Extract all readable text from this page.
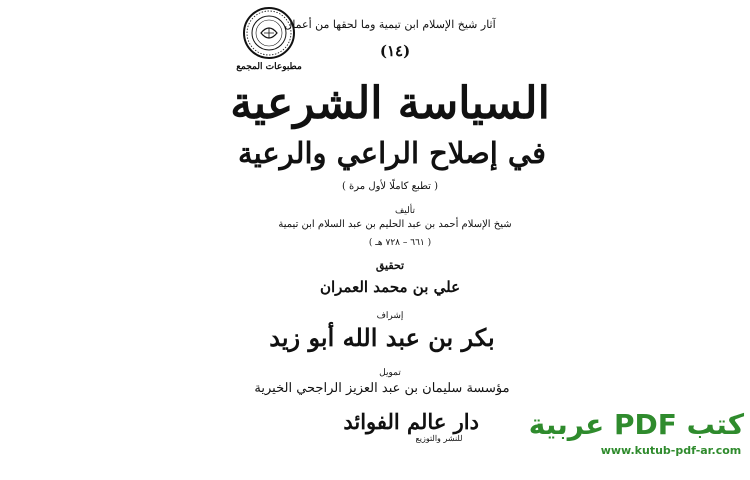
آثار شيخ الإسلام ابن تيمية وما لحقها من أعمال
(١٤)
السياسة الشرعية
في إصلاح الراعي والرعية
( تطبع كاملًا لأول مرة )
تأليف
شيخ الإسلام أحمد بن عبد الحليم بن عبد السلام ابن تيمية
( ٦٦١ – ٧٢٨ هـ )
تحقيق
علي بن محمد العمران
إشراف
بكر بن عبد الله أبو زيد
تمويل
مؤسسة سليمان بن عبد العزيز الراجحي الخيرية
دار عالم الفوائد
للنشر والتوزيع
مطبوعات المجمع
كتب PDF عربية
www.kutub-pdf-ar.com
